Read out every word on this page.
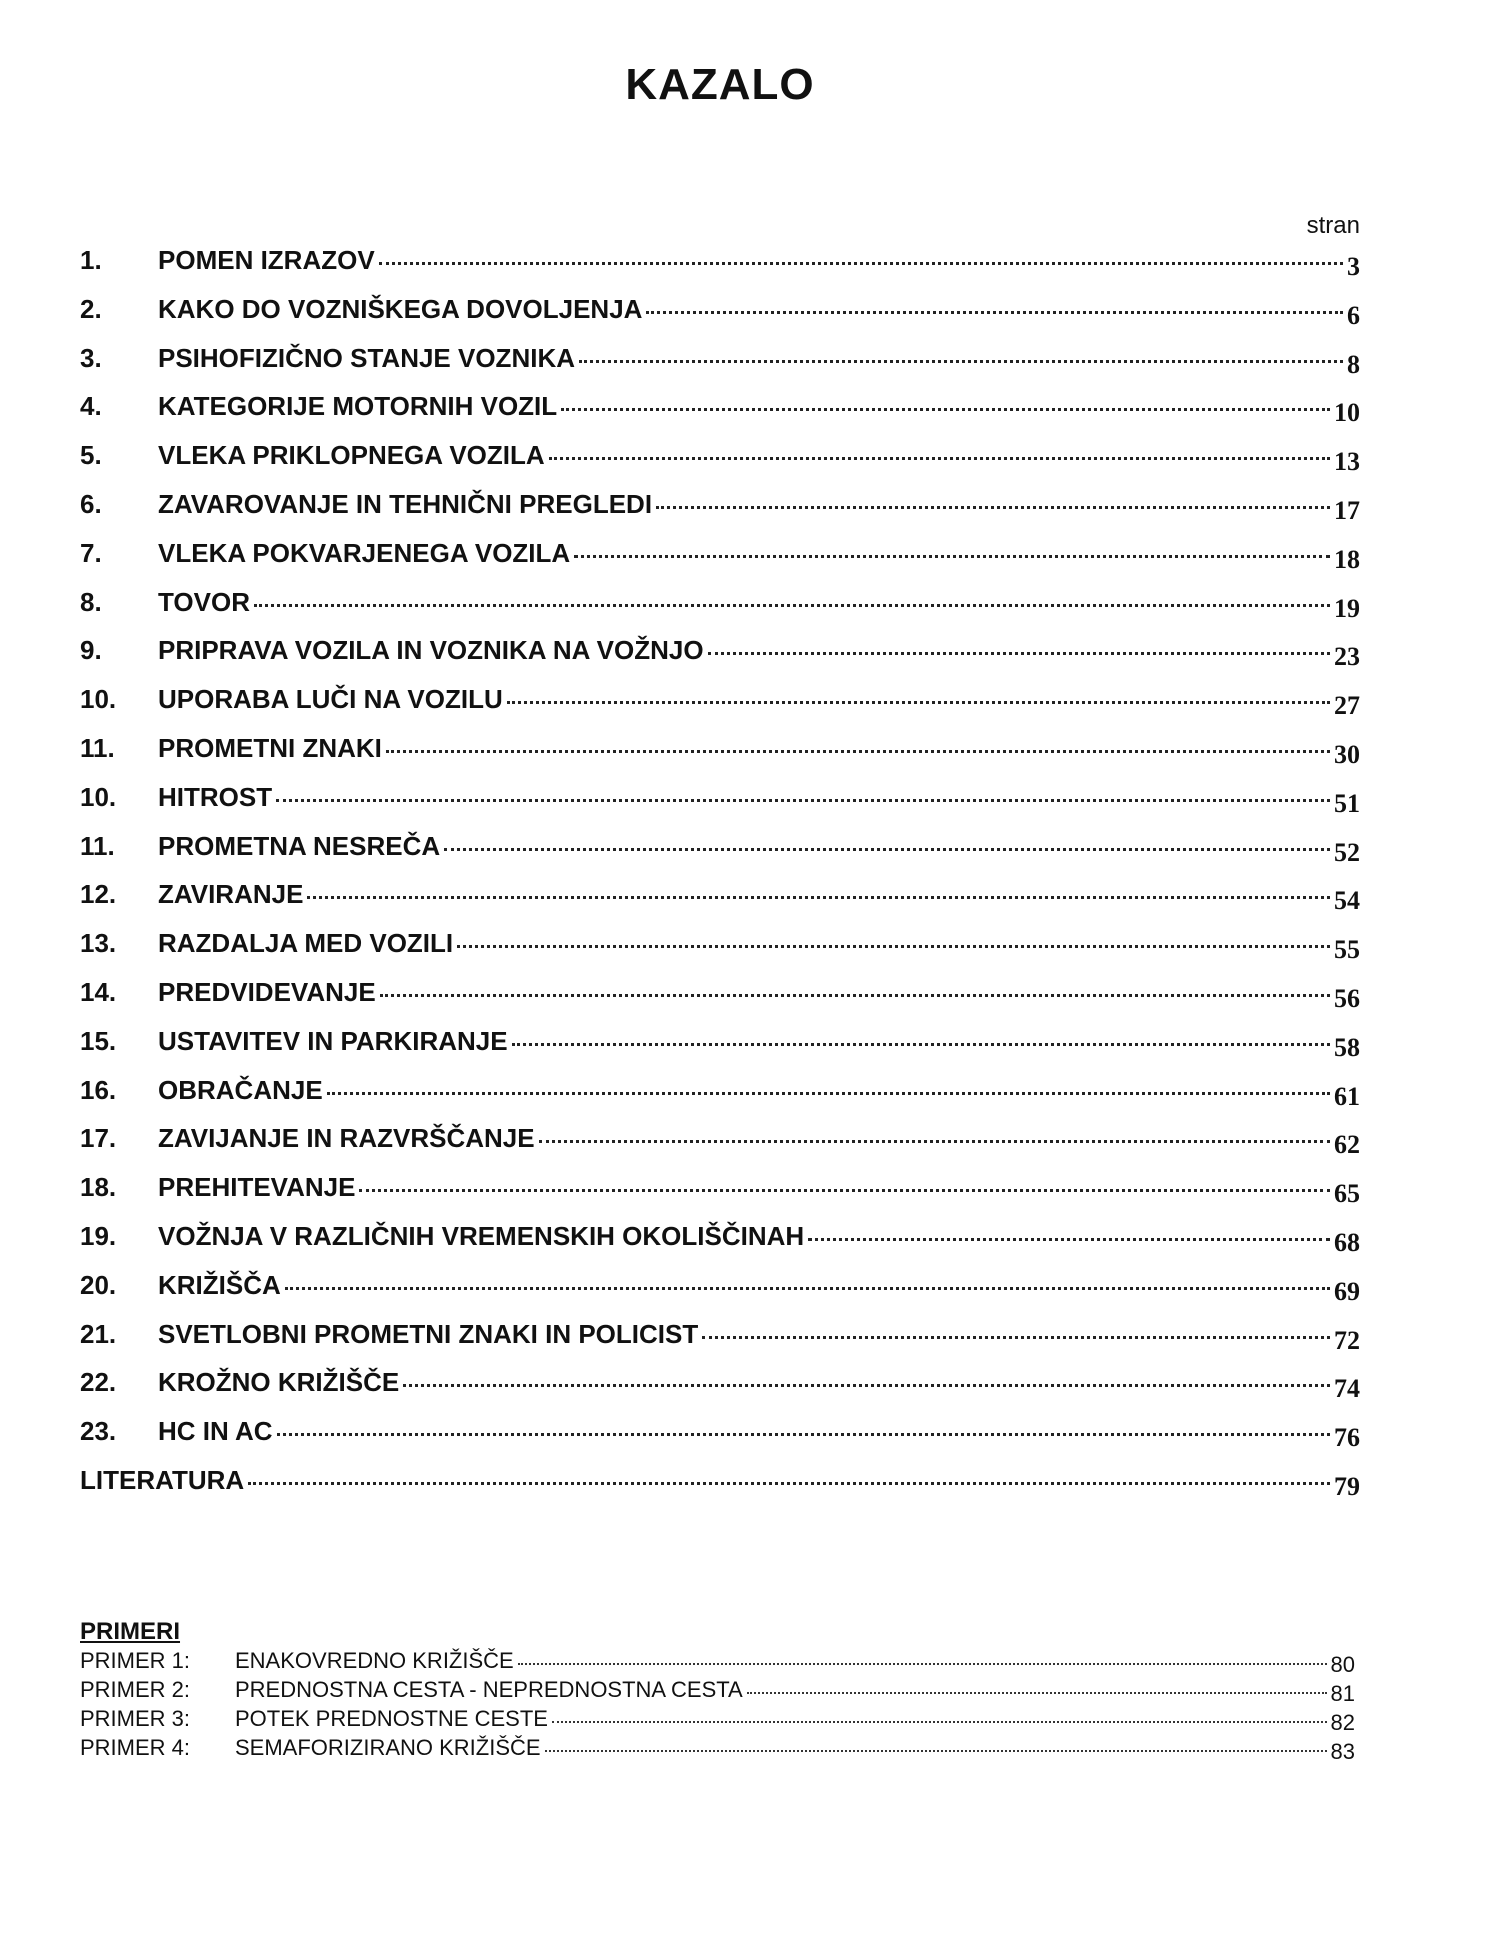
KAZALO
stran
1.	POMEN IZRAZOV	3
2.	KAKO DO VOZNIŠKEGA DOVOLJENJA	6
3.	PSIHOFIZIČNO STANJE VOZNIKA	8
4.	KATEGORIJE MOTORNIH VOZIL	10
5.	VLEKA PRIKLOPNEGA VOZILA	13
6.	ZAVAROVANJE IN TEHNIČNI PREGLEDI	17
7.	VLEKA POKVARJENEGA VOZILA	18
8.	TOVOR	19
9.	PRIPRAVA VOZILA IN VOZNIKA NA VOŽNJO	23
10.	UPORABA LUČI NA VOZILU	27
11.	PROMETNI ZNAKI	30
10.	HITROST	51
11.	PROMETNA NESREČA	52
12.	ZAVIRANJE	54
13.	RAZDALJA MED VOZILI	55
14.	PREDVIDEVANJE	56
15.	USTAVITEV IN PARKIRANJE	58
16.	OBRAČANJE	61
17.	ZAVIJANJE IN RAZVRŠČANJE	62
18.	PREHITEVANJE	65
19.	VOŽNJA V RAZLIČNIH VREMENSKIH OKOLIŠČINAH	68
20.	KRIŽIŠČA	69
21.	SVETLOBNI PROMETNI ZNAKI IN POLICIST	72
22.	KROŽNO KRIŽIŠČE	74
23.	HC IN AC	76
LITERATURA	79
PRIMERI
PRIMER 1:	ENAKOVREDNO KRIŽIŠČE	80
PRIMER 2:	PREDNOSTNA CESTA - NEPREDNOSTNA CESTA	81
PRIMER 3:	POTEK PREDNOSTNE CESTE	82
PRIMER 4:	SEMAFORIZIRANO KRIŽIŠČE	83
